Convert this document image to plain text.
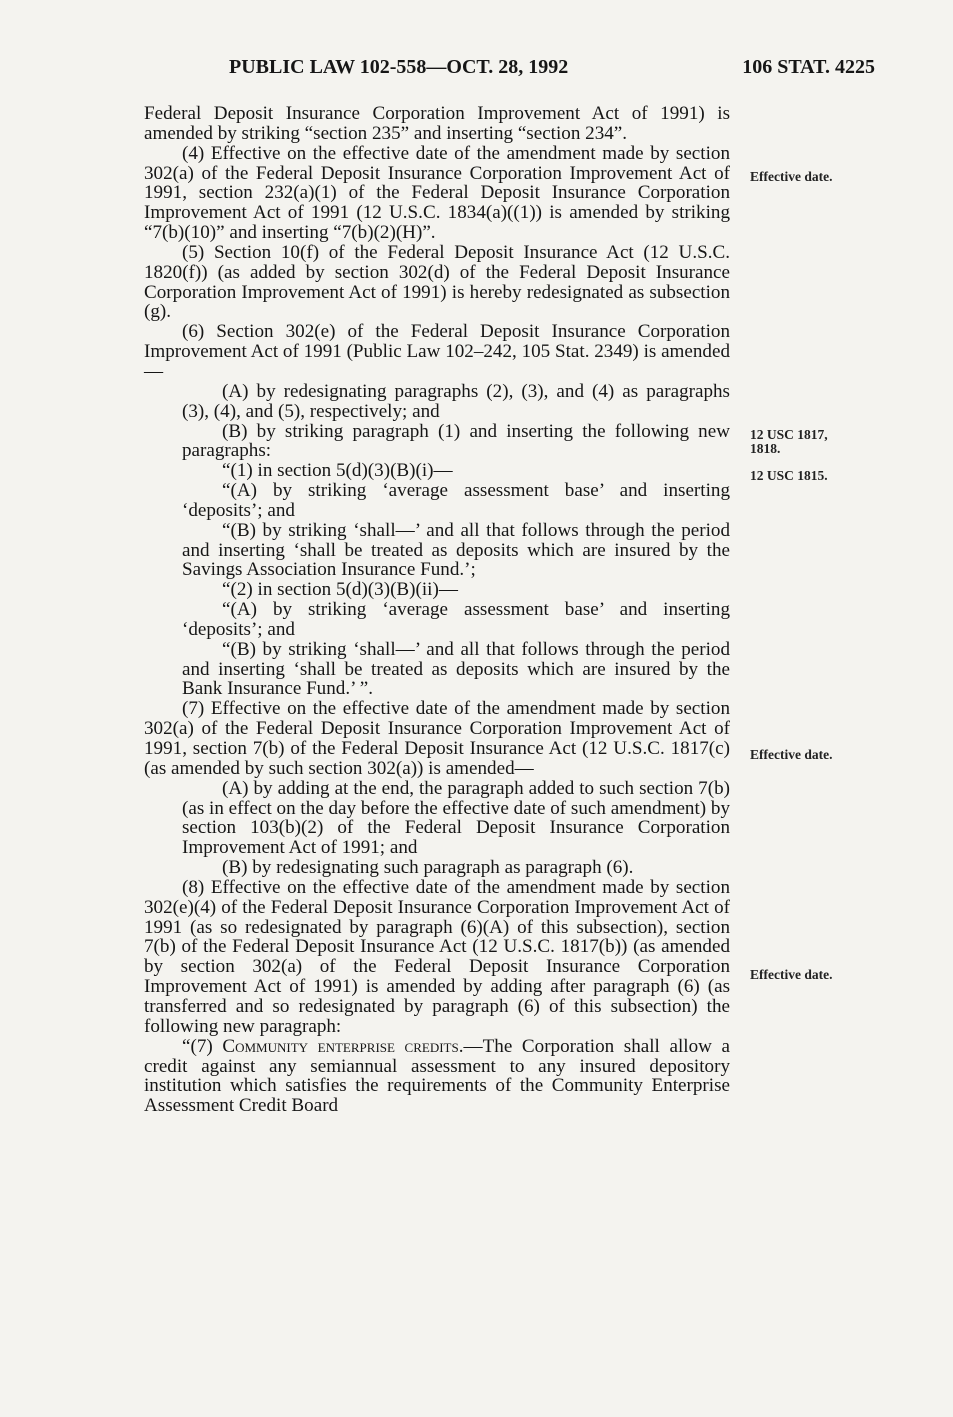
PUBLIC LAW 102-558—OCT. 28, 1992	106 STAT. 4225

Federal Deposit Insurance Corporation Improvement Act of 1991) is amended by striking “section 235” and inserting “section 234”.

(4) Effective on the effective date of the amendment made by section 302(a) of the Federal Deposit Insurance Corporation Improvement Act of 1991, section 232(a)(1) of the Federal Deposit Insurance Corporation Improvement Act of 1991 (12 U.S.C. 1834(a)((1)) is amended by striking “7(b)(10)” and inserting “7(b)(2)(H)”.

(5) Section 10(f) of the Federal Deposit Insurance Act (12 U.S.C. 1820(f)) (as added by section 302(d) of the Federal Deposit Insurance Corporation Improvement Act of 1991) is hereby redesignated as subsection (g).

(6) Section 302(e) of the Federal Deposit Insurance Corporation Improvement Act of 1991 (Public Law 102–242, 105 Stat. 2349) is amended—

(A) by redesignating paragraphs (2), (3), and (4) as paragraphs (3), (4), and (5), respectively; and

(B) by striking paragraph (1) and inserting the following new paragraphs:

“(1) in section 5(d)(3)(B)(i)—

“(A) by striking ‘average assessment base’ and inserting ‘deposits’; and

“(B) by striking ‘shall—’ and all that follows through the period and inserting ‘shall be treated as deposits which are insured by the Savings Association Insurance Fund.’;

“(2) in section 5(d)(3)(B)(ii)—

“(A) by striking ‘average assessment base’ and inserting ‘deposits’; and

“(B) by striking ‘shall—’ and all that follows through the period and inserting ‘shall be treated as deposits which are insured by the Bank Insurance Fund.’ ”.

(7) Effective on the effective date of the amendment made by section 302(a) of the Federal Deposit Insurance Corporation Improvement Act of 1991, section 7(b) of the Federal Deposit Insurance Act (12 U.S.C. 1817(c) (as amended by such section 302(a)) is amended—

(A) by adding at the end, the paragraph added to such section 7(b) (as in effect on the day before the effective date of such amendment) by section 103(b)(2) of the Federal Deposit Insurance Corporation Improvement Act of 1991; and

(B) by redesignating such paragraph as paragraph (6).

(8) Effective on the effective date of the amendment made by section 302(e)(4) of the Federal Deposit Insurance Corporation Improvement Act of 1991 (as so redesignated by paragraph (6)(A) of this subsection), section 7(b) of the Federal Deposit Insurance Act (12 U.S.C. 1817(b)) (as amended by section 302(a) of the Federal Deposit Insurance Corporation Improvement Act of 1991) is amended by adding after paragraph (6) (as transferred and so redesignated by paragraph (6) of this subsection) the following new paragraph:

“(7) Community enterprise credits.—The Corporation shall allow a credit against any semiannual assessment to any insured depository institution which satisfies the requirements of the Community Enterprise Assessment Credit Board

Effective date.
12 USC 1817, 1818.
12 USC 1815.
Effective date.
Effective date.
